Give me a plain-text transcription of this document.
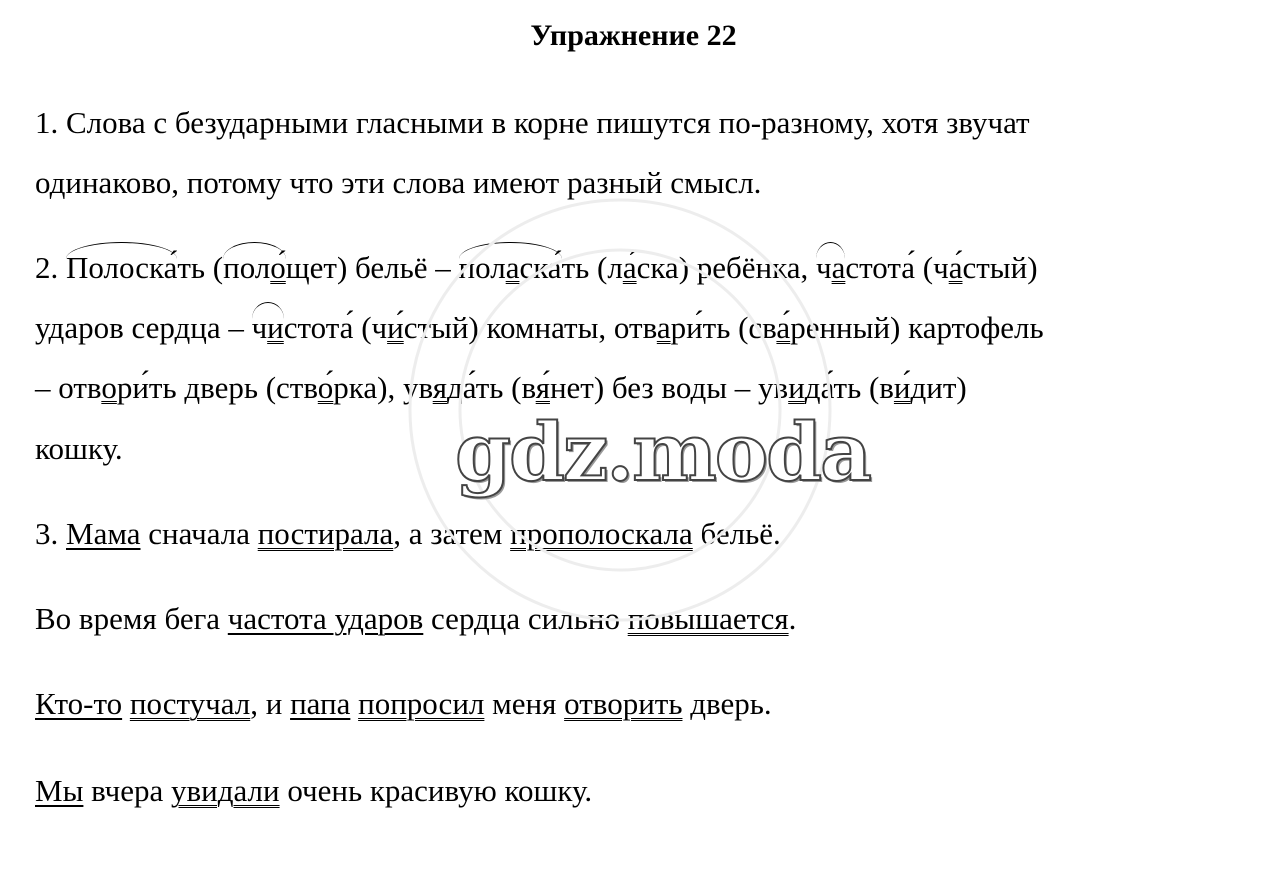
Упражнение 22
1. Слова с безударными гласными в корне пишутся по-разному, хотя звучат
одинаково, потому что эти слова имеют разный смысл.
2. Полоска́ть (поло́щет) бельё – поласка́ть (ла́ска) ребёнка, частота́ (ча́стый)
ударов сердца – чистота́ (чи́стый) комнаты, отвари́ть (сва́ренный) картофель
– отвори́ть дверь (ство́рка), увяда́ть (вя́нет) без воды – увида́ть (ви́дит)
кошку.
3. Мама сначала постирала, а затем прополоскала бельё.
Во время бега частота ударов сердца сильно повышается.
Кто-то постучал, и папа попросил меня отворить дверь.
Мы вчера увидали очень красивую кошку.
gdz.moda
